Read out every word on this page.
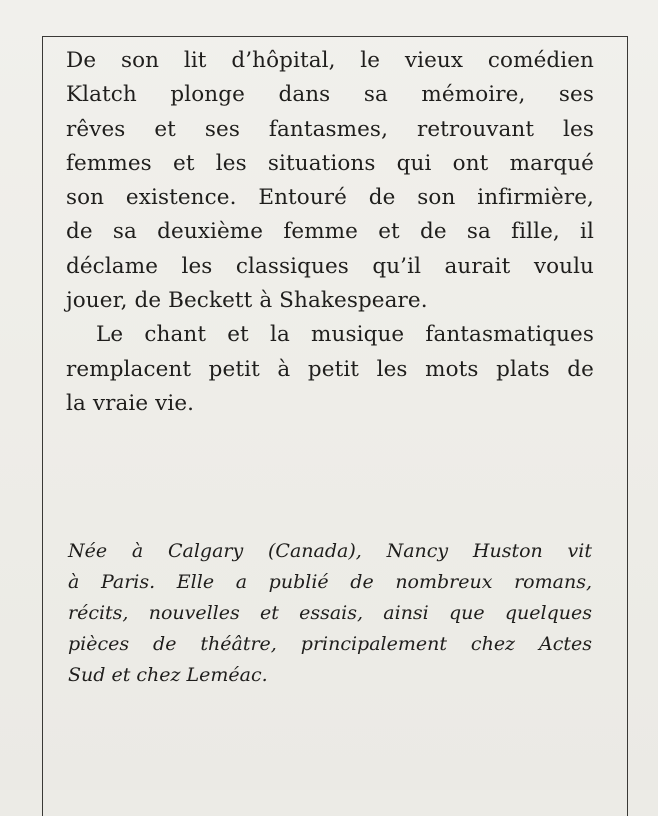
De son lit d’hôpital, le vieux comédien
Klatch plonge dans sa mémoire, ses
rêves et ses fantasmes, retrouvant les
femmes et les situations qui ont marqué
son existence. Entouré de son infirmière,
de sa deuxième femme et de sa fille, il
déclame les classiques qu’il aurait voulu
jouer, de Beckett à Shakespeare.
Le chant et la musique fantasmatiques
remplacent petit à petit les mots plats de
la vraie vie.
Née à Calgary (Canada), Nancy Huston vit
à Paris. Elle a publié de nombreux romans,
récits, nouvelles et essais, ainsi que quelques
pièces de théâtre, principalement chez Actes
Sud et chez Leméac.
